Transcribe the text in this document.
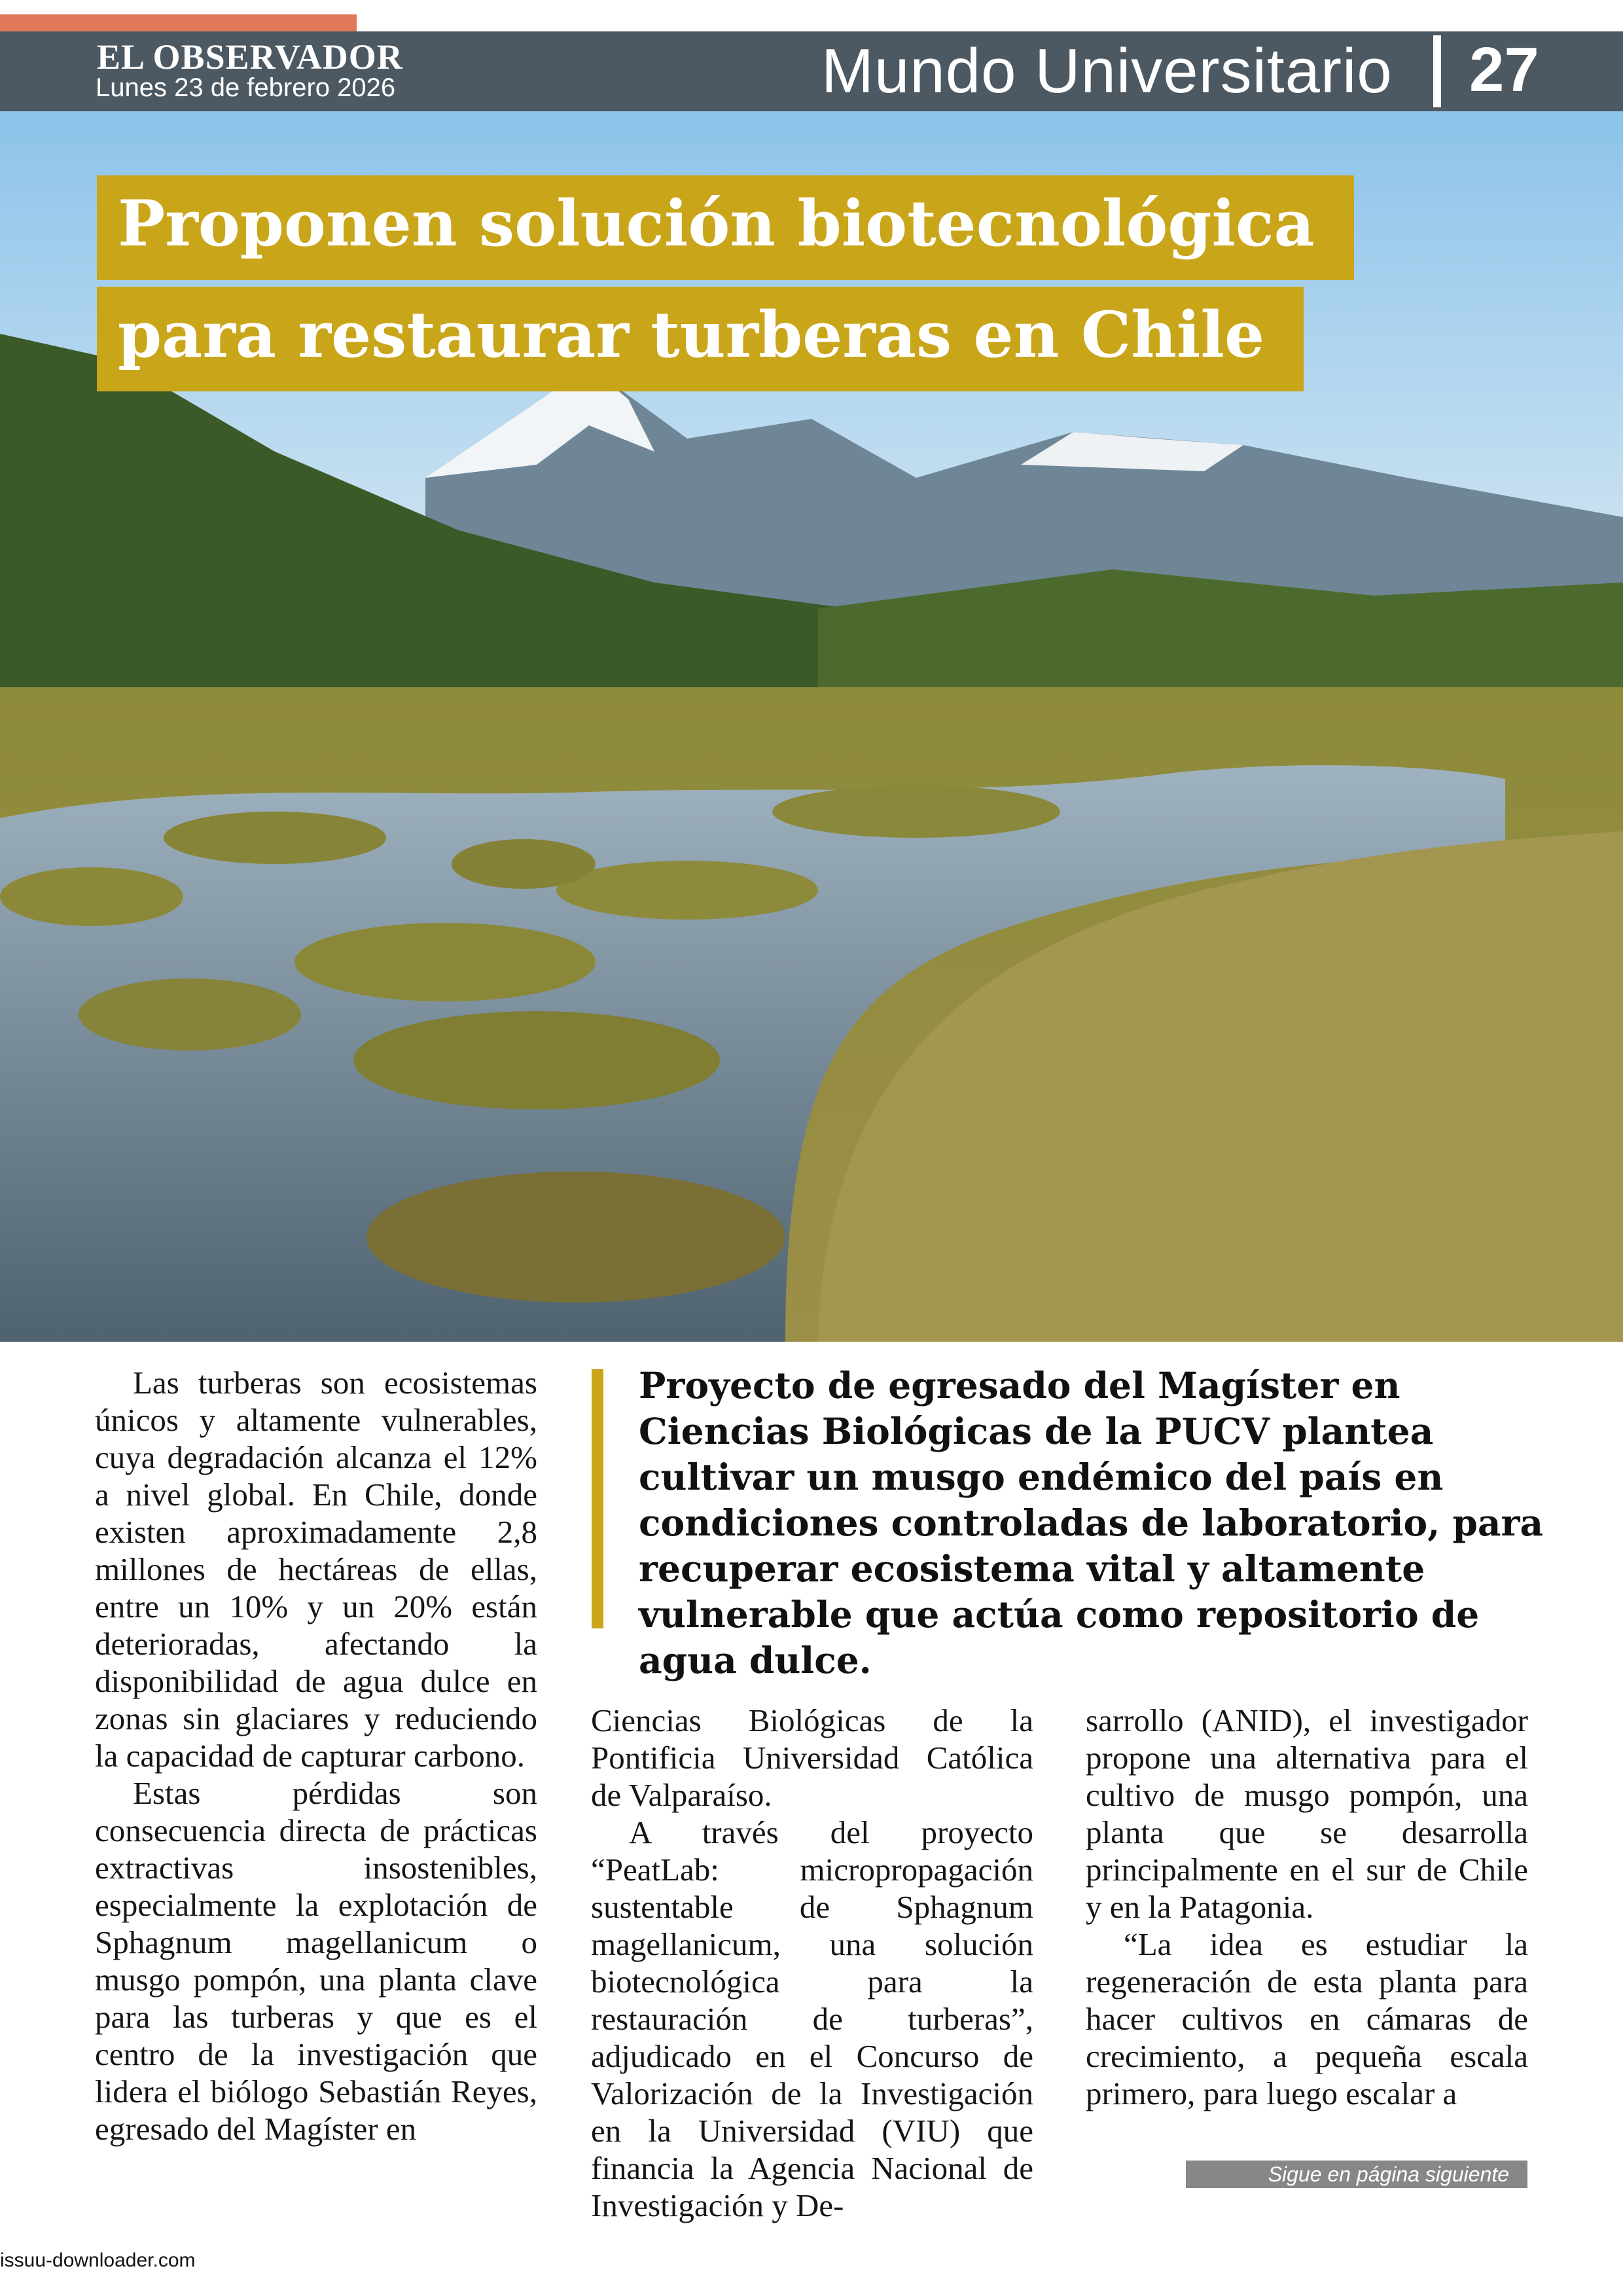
EL OBSERVADOR
Lunes 23 de febrero 2026	Mundo Universitario 27
Proponen solución biotecnológica
para restaurar turberas en Chile
Proyecto de egresado del Magíster en Ciencias Biológicas de la PUCV plantea cultivar un musgo endémico del país en condiciones controladas de laboratorio, para recuperar ecosistema vital y altamente vulnerable que actúa como repositorio de agua dulce.

Las turberas son ecosistemas únicos y altamente vulnerables, cuya degradación alcanza el 12% a nivel global. En Chile, donde existen aproximadamente 2,8 millones de hectáreas de ellas, entre un 10% y un 20% están deterioradas, afectando la disponibilidad de agua dulce en zonas sin glaciares y reduciendo la capacidad de capturar carbono.

Estas pérdidas son consecuencia directa de prácticas extractivas insostenibles, especialmente la explotación de Sphagnum magellanicum o musgo pompón, una planta clave para las turberas y que es el centro de la investigación que lidera el biólogo Sebastián Reyes, egresado del Magíster en

Ciencias Biológicas de la Pontificia Universidad Católica de Valparaíso.

A través del proyecto “PeatLab: micropropagación sustentable de Sphagnum magellanicum, una solución biotecnológica para la restauración de turberas”, adjudicado en el Concurso de Valorización de la Investigación en la Universidad (VIU) que financia la Agencia Nacional de Investigación y De-

sarrollo (ANID), el investigador propone una alternativa para el cultivo de musgo pompón, una planta que se desarrolla principalmente en el sur de Chile y en la Patagonia.

“La idea es estudiar la regeneración de esta planta para hacer cultivos en cámaras de crecimiento, a pequeña escala primero, para luego escalar a

Sigue en página siguiente
issuu-downloader.com
